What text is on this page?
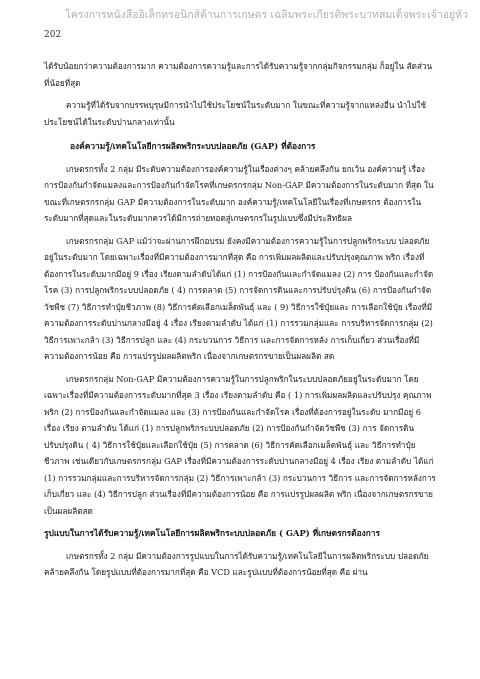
โครงการหนังสืออิเล็กทรอนิกส์ด้านการเกษตร เฉลิมพระเกียรติพระบาทสมเด็จพระเจ้าอยู่หัว
202

ได้รับน้อยกว่าความต้องการมาก ความต้องการความรู้และการได้รับความรู้จากกลุ่มกิจกรรมกลุ่ม ก็อยู่ใน สัดส่วนที่น้อยที่สุด

ความรู้ที่ได้รับจากบรรพบุรุษมีการนำไปใช้ประโยชน์ในระดับมาก ในขณะที่ความรู้จากแหล่งอื่น นำไปใช้ประโยชน์ได้ในระดับปานกลางเท่านั้น

องค์ความรู้/เทคโนโลยีการผลิตพริกระบบปลอดภัย (GAP) ที่ต้องการ

เกษตรกรทั้ง 2 กลุ่ม มีระดับความต้องการองค์ความรู้ในเรื่องต่างๆ คล้ายคลึงกัน ยกเว้น องค์ความรู้ เรื่องการป้องกันกำจัดแมลงและการป้องกันกำจัดโรคที่เกษตรกรกลุ่ม Non-GAP มีความต้องการในระดับมาก ที่สุด ในขณะที่เกษตรกรกลุ่ม GAP มีความต้องการในระดับมาก องค์ความรู้/เทคโนโลยีในเรื่องที่เกษตรกร ต้องการในระดับมากที่สุดและในระดับมากควรได้มีการถ่ายทอดสู่เกษตรกรในรูปแบบซึ่งมีประสิทธิผล

เกษตรกรกลุ่ม GAP แม้ว่าจะผ่านการฝึกอบรม ยังคงมีความต้องการความรู้ในการปลูกพริกระบบ ปลอดภัยอยู่ในระดับมาก โดยเฉพาะเรื่องที่มีความต้องการมากที่สุด คือ การเพิ่มผลผลิตและปรับปรุงคุณภาพ พริก เรื่องที่ต้องการในระดับมากมีอยู่ 9 เรื่อง เรียงตามลำดับได้แก่ (1) การป้องกันและกำจัดแมลง (2) การ ป้องกันและกำจัดโรค (3) การปลูกพริกระบบปลอดภัย ( 4) การตลาด (5) การจัดการดินและการปรับปรุงดิน (6) การป้องกันกำจัดวัชพืช (7) วิธีการทำปุ๋ยชีวภาพ (8) วิธีการคัดเลือกเมล็ดพันธุ์ และ ( 9) วิธีการใช้ปุ๋ยและ การเลือกใช้ปุ๋ย เรื่องที่มีความต้องการระดับปานกลางมีอยู่ 4 เรื่อง เรียงตามลำดับ ได้แก่ (1) การรวมกลุ่มและ การบริหารจัดการกลุ่ม (2) วิธีการเพาะกล้า (3) วิธีการปลูก และ (4) กระบวนการ วิธีการ และการจัดการหลัง การเก็บเกี่ยว ส่วนเรื่องที่มีความต้องการน้อย คือ การแปรรูปผลผลิตพริก เนื่องจากเกษตรกรขายเป็นผลผลิต สด

เกษตรกรกลุ่ม Non-GAP มีความต้องการความรู้ในการปลูกพริกในระบบปลอดภัยอยู่ในระดับมาก โดยเฉพาะเรื่องที่มีความต้องการระดับมากที่สุด 3 เรื่อง เรียงตามลำดับ คือ ( 1) การเพิ่มผลผลิตและปรับปรุง คุณภาพพริก (2) การป้องกันและกำจัดแมลง และ (3) การป้องกันและกำจัดโรค เรื่องที่ต้องการอยู่ในระดับ มากมีอยู่ 6 เรื่อง เรียง ตามลำดับ ได้แก่ (1) การปลูกพริกระบบปลอดภัย (2) การป้องกันกำจัดวัชพืช (3) การ จัดการดินปรับปรุงดิน ( 4) วิธีการใช้ปุ๋ยและเลือกใช้ปุ๋ย (5) การตลาด (6) วิธีการคัดเลือกเมล็ดพันธุ์ และ วิธีการทำปุ๋ยชีวภาพ เช่นเดียวกับเกษตรกรกลุ่ม GAP เรื่องที่มีความต้องการระดับปานกลางมีอยู่ 4 เรื่อง เรียง ตามลำดับ ได้แก่ (1) การรวมกลุ่มและการบริหารจัดการกลุ่ม (2) วิธีการเพาะกล้า (3) กระบวนการ วิธีการ และการจัดการหลังการเก็บเกี่ยว และ (4) วิธีการปลูก ส่วนเรื่องที่มีความต้องการน้อย คือ การแปรรูปผลผลิต พริก เนื่องจากเกษตรกรขายเป็นผลผลิตสด

รูปแบบในการได้รับความรู้/เทคโนโลยีการผลิตพริกระบบปลอดภัย ( GAP) ที่เกษตรกรต้องการ

เกษตรกรทั้ง 2 กลุ่ม มีความต้องการรูปแบบในการได้รับความรู้/เทคโนโลยีในการผลิตพริกระบบ ปลอดภัยคล้ายคลึงกัน โดยรูปแบบที่ต้องการมากที่สุด คือ VCD และรูปแบบที่ต้องการน้อยที่สุด คือ ผ่าน
